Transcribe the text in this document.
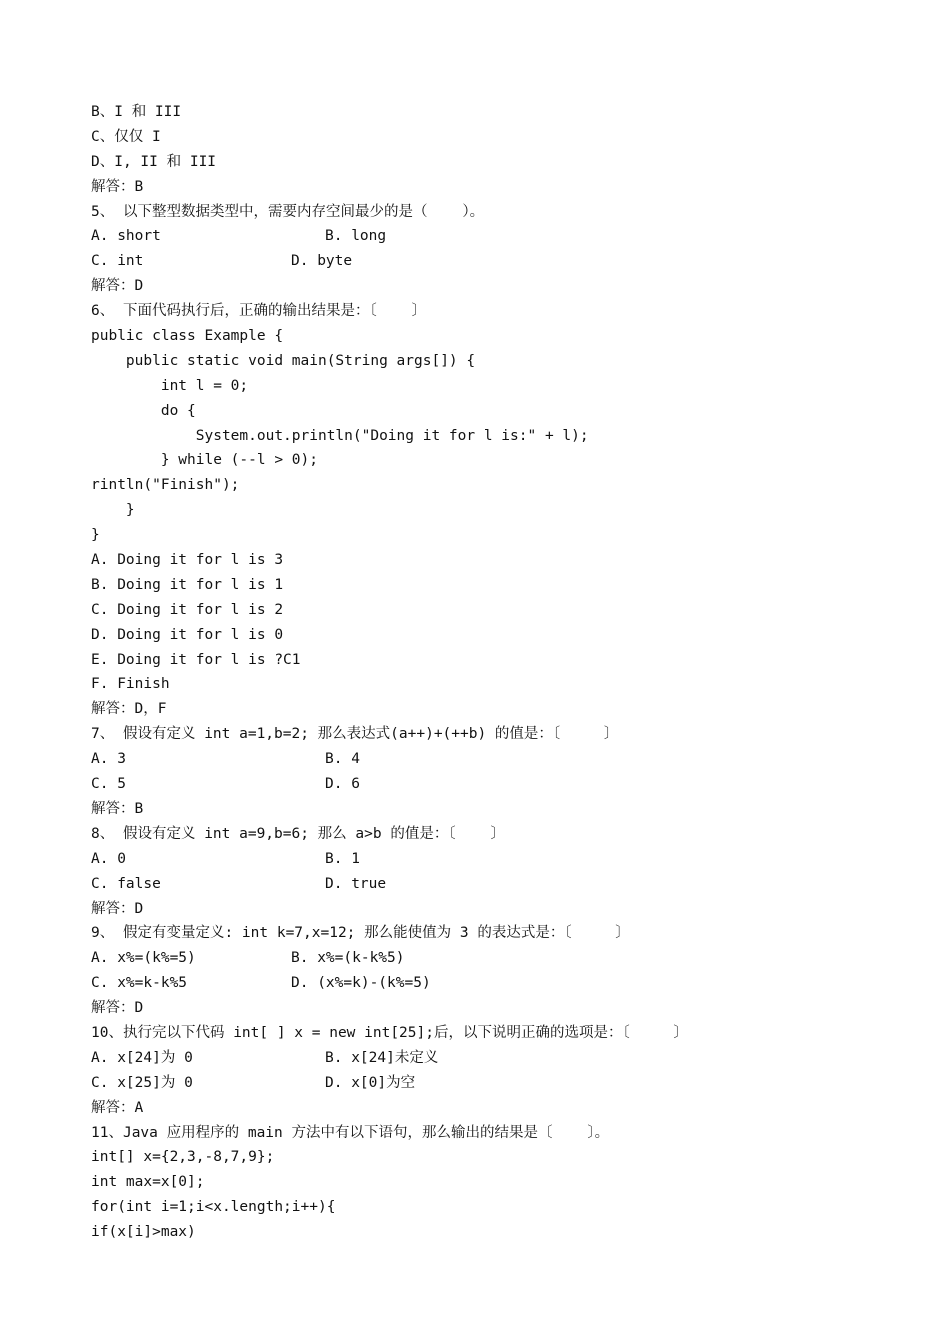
B、I 和 III
C、仅仅 I
D、I, II 和 III
解答：B
5、 以下整型数据类型中，需要内存空间最少的是（    ）。
A. short	B. long
C. int	D. byte
解答：D
6、 下面代码执行后，正确的输出结果是：〔    〕
public class Example {
public static void main(String args[]) {
int l = 0;
do {
System.out.println("Doing it for l is:" + l);
} while (--l > 0);
rintln("Finish");
}
}
A. Doing it for l is 3
B. Doing it for l is 1
C. Doing it for l is 2
D. Doing it for l is 0
E. Doing it for l is ?C1
F. Finish
解答：D，F
7、 假设有定义 int a=1,b=2; 那么表达式(a++)+(++b) 的值是：〔     〕
A. 3	B. 4
C. 5	D. 6
解答：B
8、 假设有定义 int a=9,b=6; 那么 a>b 的值是：〔    〕
A. 0	B. 1
C. false	D. true
解答：D
9、 假定有变量定义: int k=7,x=12; 那么能使值为 3 的表达式是：〔     〕
A. x%=(k%=5)	B. x%=(k-k%5)
C. x%=k-k%5	D. (x%=k)-(k%=5)
解答：D
10、执行完以下代码 int[ ] x = new int[25];后，以下说明正确的选项是：〔     〕
A. x[24]为 0	B. x[24]未定义
C. x[25]为 0	D. x[0]为空
解答：A
11、Java 应用程序的 main 方法中有以下语句，那么输出的结果是〔    〕。
int[] x={2,3,-8,7,9};
int max=x[0];
for(int i=1;i<x.length;i++){
if(x[i]>max)
